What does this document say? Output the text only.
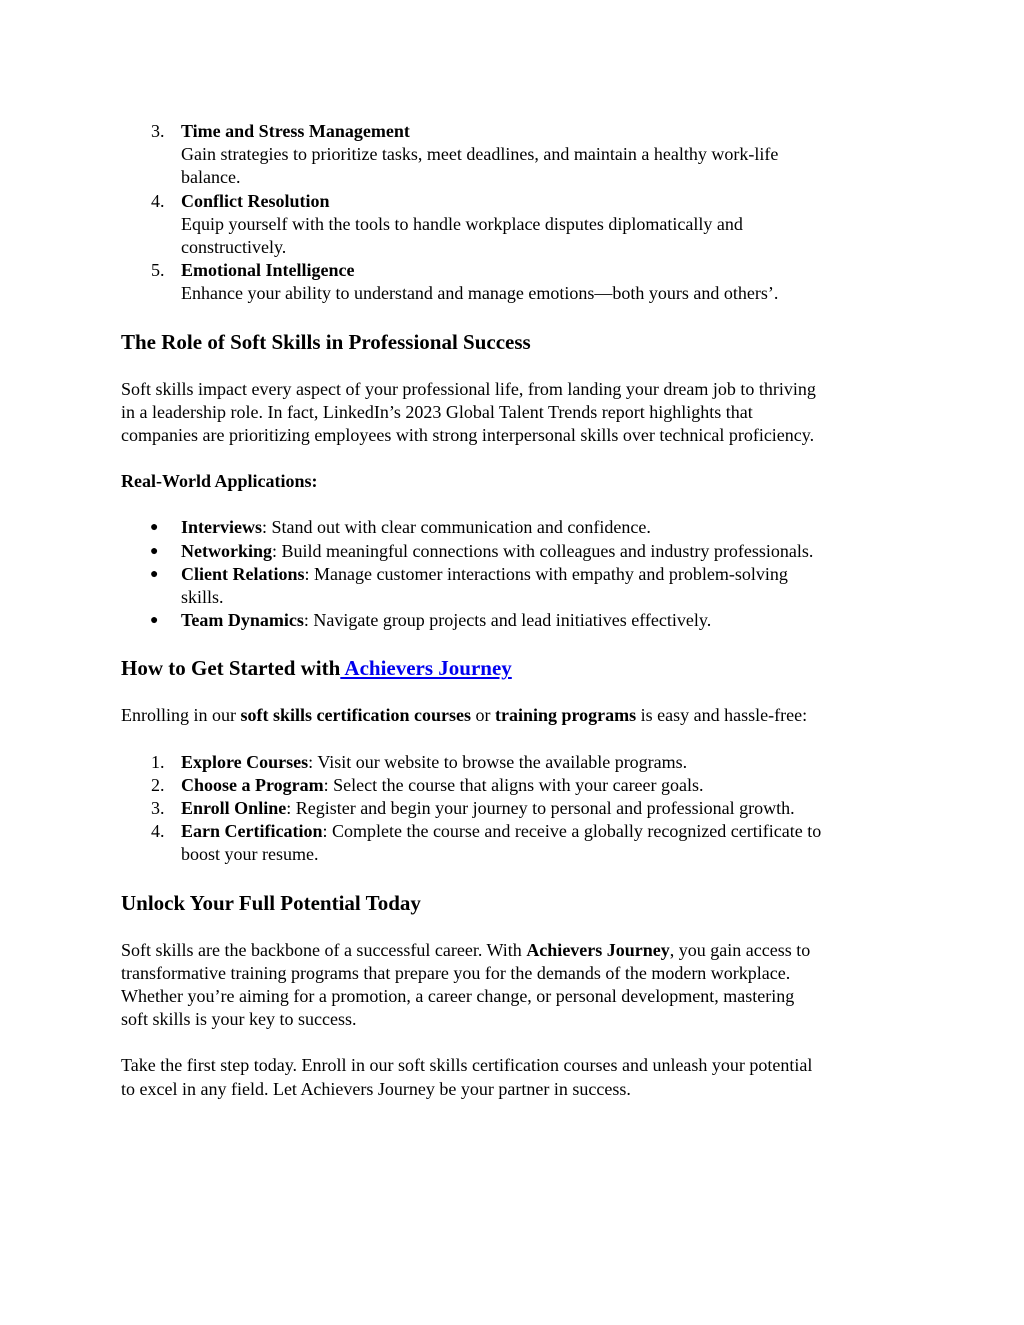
3. Time and Stress Management
Gain strategies to prioritize tasks, meet deadlines, and maintain a healthy work-life
balance.
4. Conflict Resolution
Equip yourself with the tools to handle workplace disputes diplomatically and
constructively.
5. Emotional Intelligence
Enhance your ability to understand and manage emotions—both yours and others’.
The Role of Soft Skills in Professional Success
Soft skills impact every aspect of your professional life, from landing your dream job to thriving
in a leadership role. In fact, LinkedIn’s 2023 Global Talent Trends report highlights that
companies are prioritizing employees with strong interpersonal skills over technical proficiency.
Real-World Applications:
● Interviews: Stand out with clear communication and confidence.
● Networking: Build meaningful connections with colleagues and industry professionals.
● Client Relations: Manage customer interactions with empathy and problem-solving
skills.
● Team Dynamics: Navigate group projects and lead initiatives effectively.
How to Get Started with Achievers Journey
Enrolling in our soft skills certification courses or training programs is easy and hassle-free:
1. Explore Courses: Visit our website to browse the available programs.
2. Choose a Program: Select the course that aligns with your career goals.
3. Enroll Online: Register and begin your journey to personal and professional growth.
4. Earn Certification: Complete the course and receive a globally recognized certificate to
boost your resume.
Unlock Your Full Potential Today
Soft skills are the backbone of a successful career. With Achievers Journey, you gain access to
transformative training programs that prepare you for the demands of the modern workplace.
Whether you’re aiming for a promotion, a career change, or personal development, mastering
soft skills is your key to success.
Take the first step today. Enroll in our soft skills certification courses and unleash your potential
to excel in any field. Let Achievers Journey be your partner in success.
